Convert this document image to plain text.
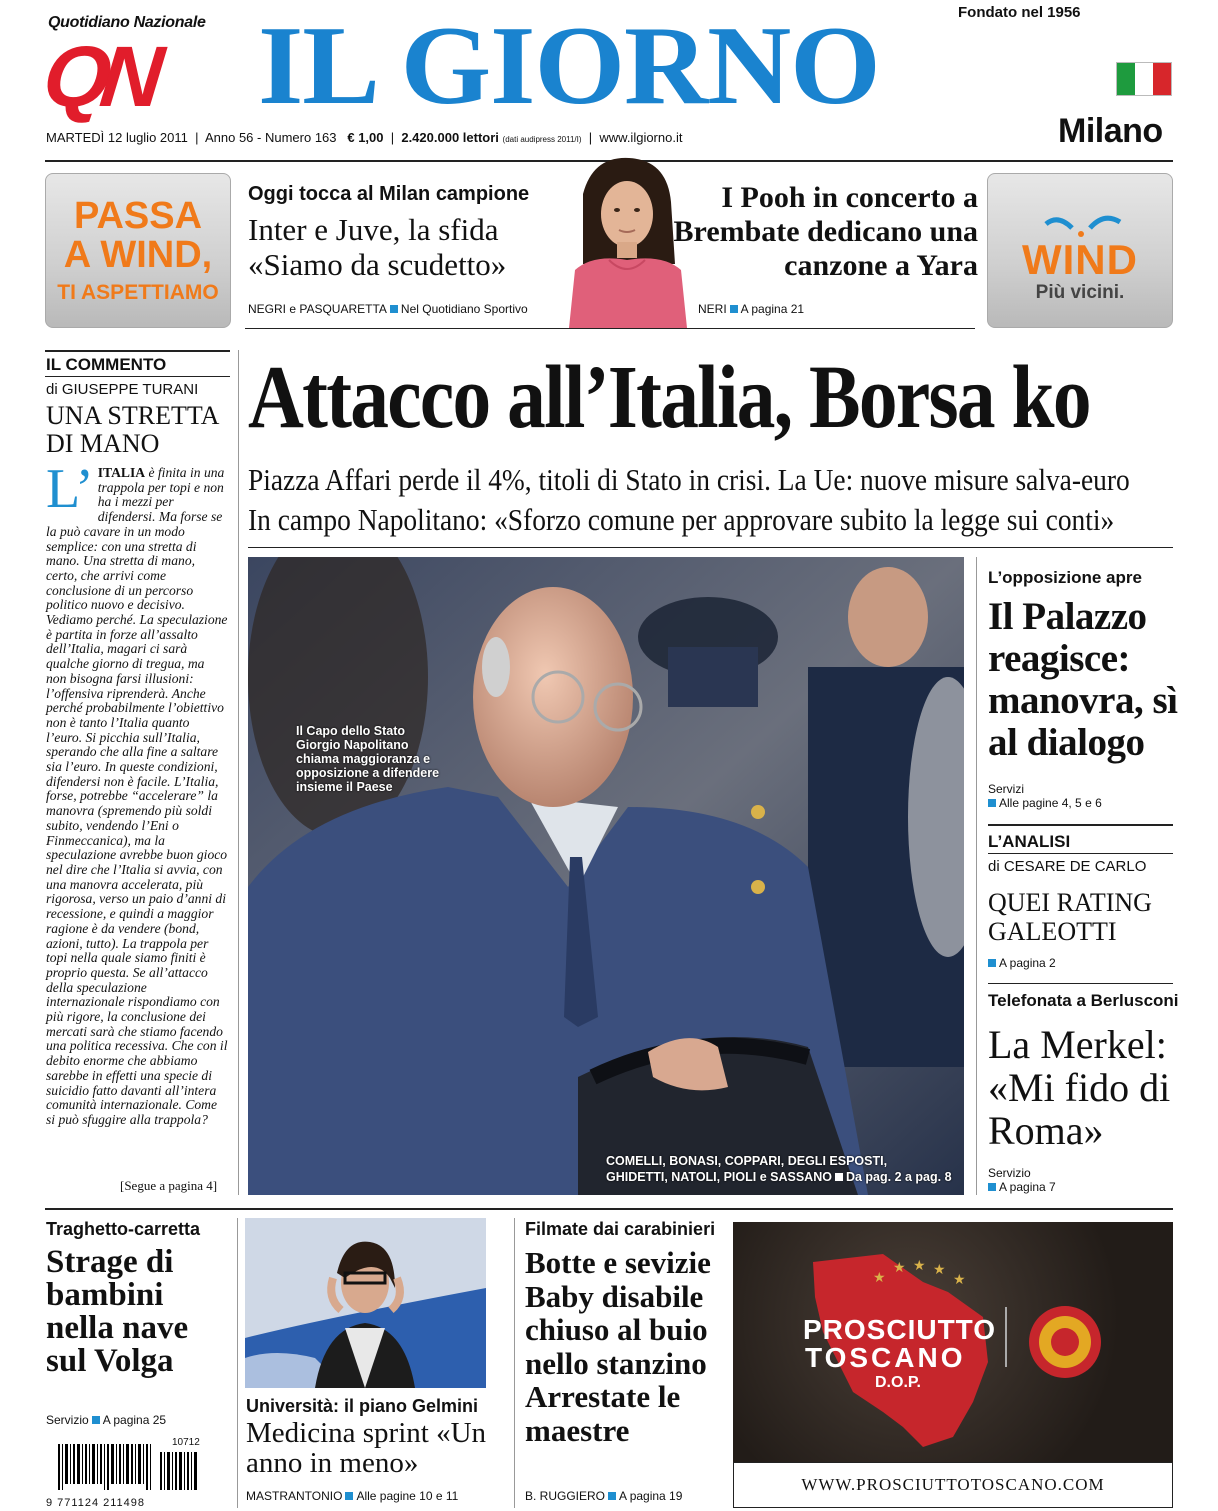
Quotidiano Nazionale
QN IL GIORNO	Fondato nel 1956
Milano
MARTEDÌ 12 luglio 2011  |  Anno 56 - Numero 163 € 1,00  |  2.420.000 lettori (dati audipress 2011/I)  |  www.ilgiorno.it
PASSA
A WIND,
TI ASPETTIAMO
WIND
Più vicini.
Oggi tocca al Milan campione
Inter e Juve, la sfida «Siamo da scudetto»
NEGRI e PASQUARETTA Nel Quotidiano Sportivo
I Pooh in concerto a Brembate dedicano una canzone a Yara
NERI A pagina 21
IL COMMENTO
di GIUSEPPE TURANI
UNA STRETTA DI MANO
L’ ITALIA è finita in una trappola per topi e non ha i mezzi per difendersi. Ma forse se la può cavare in un modo semplice: con una stretta di mano. Una stretta di mano, certo, che arrivi come conclusione di un percorso politico nuovo e decisivo. Vediamo perché. La speculazione è partita in forze all’assalto dell’Italia, magari ci sarà qualche giorno di tregua, ma non bisogna farsi illusioni: l’offensiva riprenderà. Anche perché probabilmente l’obiettivo non è tanto l’Italia quanto l’euro. Si picchia sull’Italia, sperando che alla fine a saltare sia l’euro. In queste condizioni, difendersi non è facile. L’Italia, forse, potrebbe “accelerare” la manovra (spremendo più soldi subito, vendendo l’Eni o Finmeccanica), ma la speculazione avrebbe buon gioco nel dire che l’Italia si avvia, con una manovra accelerata, più rigorosa, verso un paio d’anni di recessione, e quindi a maggior ragione è da vendere (bond, azioni, tutto). La trappola per topi nella quale siamo finiti è proprio questa. Se all’attacco della speculazione internazionale rispondiamo con più rigore, la conclusione dei mercati sarà che stiamo facendo una politica recessiva. Che con il debito enorme che abbiamo sarebbe in effetti una specie di suicidio fatto davanti all’intera comunità internazionale. Come si può sfuggire alla trappola?
[Segue a pagina 4]
Attacco all’Italia, Borsa ko
Piazza Affari perde il 4%, titoli di Stato in crisi. La Ue: nuove misure salva-euro
In campo Napolitano: «Sforzo comune per approvare subito la legge sui conti»
Il Capo dello Stato Giorgio Napolitano chiama maggioranza e opposizione a difendere insieme il Paese
COMELLI, BONASI, COPPARI, DEGLI ESPOSTI,
GHIDETTI, NATOLI, PIOLI e SASSANO Da pag. 2 a pag. 8
L’opposizione apre
Il Palazzo reagisce: manovra, sì al dialogo
Servizi
Alle pagine 4, 5 e 6
L’ANALISI
di CESARE DE CARLO
QUEI RATING GALEOTTI
A pagina 2
Telefonata a Berlusconi
La Merkel: «Mi fido di Roma»
Servizio
A pagina 7
Traghetto-carretta
Strage di bambini nella nave sul Volga
Servizio A pagina 25
10712
9 771124 211498
Università: il piano Gelmini
Medicina sprint «Un anno in meno»
MASTRANTONIO Alle pagine 10 e 11
Filmate dai carabinieri
Botte e sevizie Baby disabile chiuso al buio nello stanzino Arrestate le maestre
B. RUGGIERO A pagina 19
★
★ ★ ★
★
PROSCIUTTO
TOSCANO
D.O.P.
WWW.PROSCIUTTOTOSCANO.COM
